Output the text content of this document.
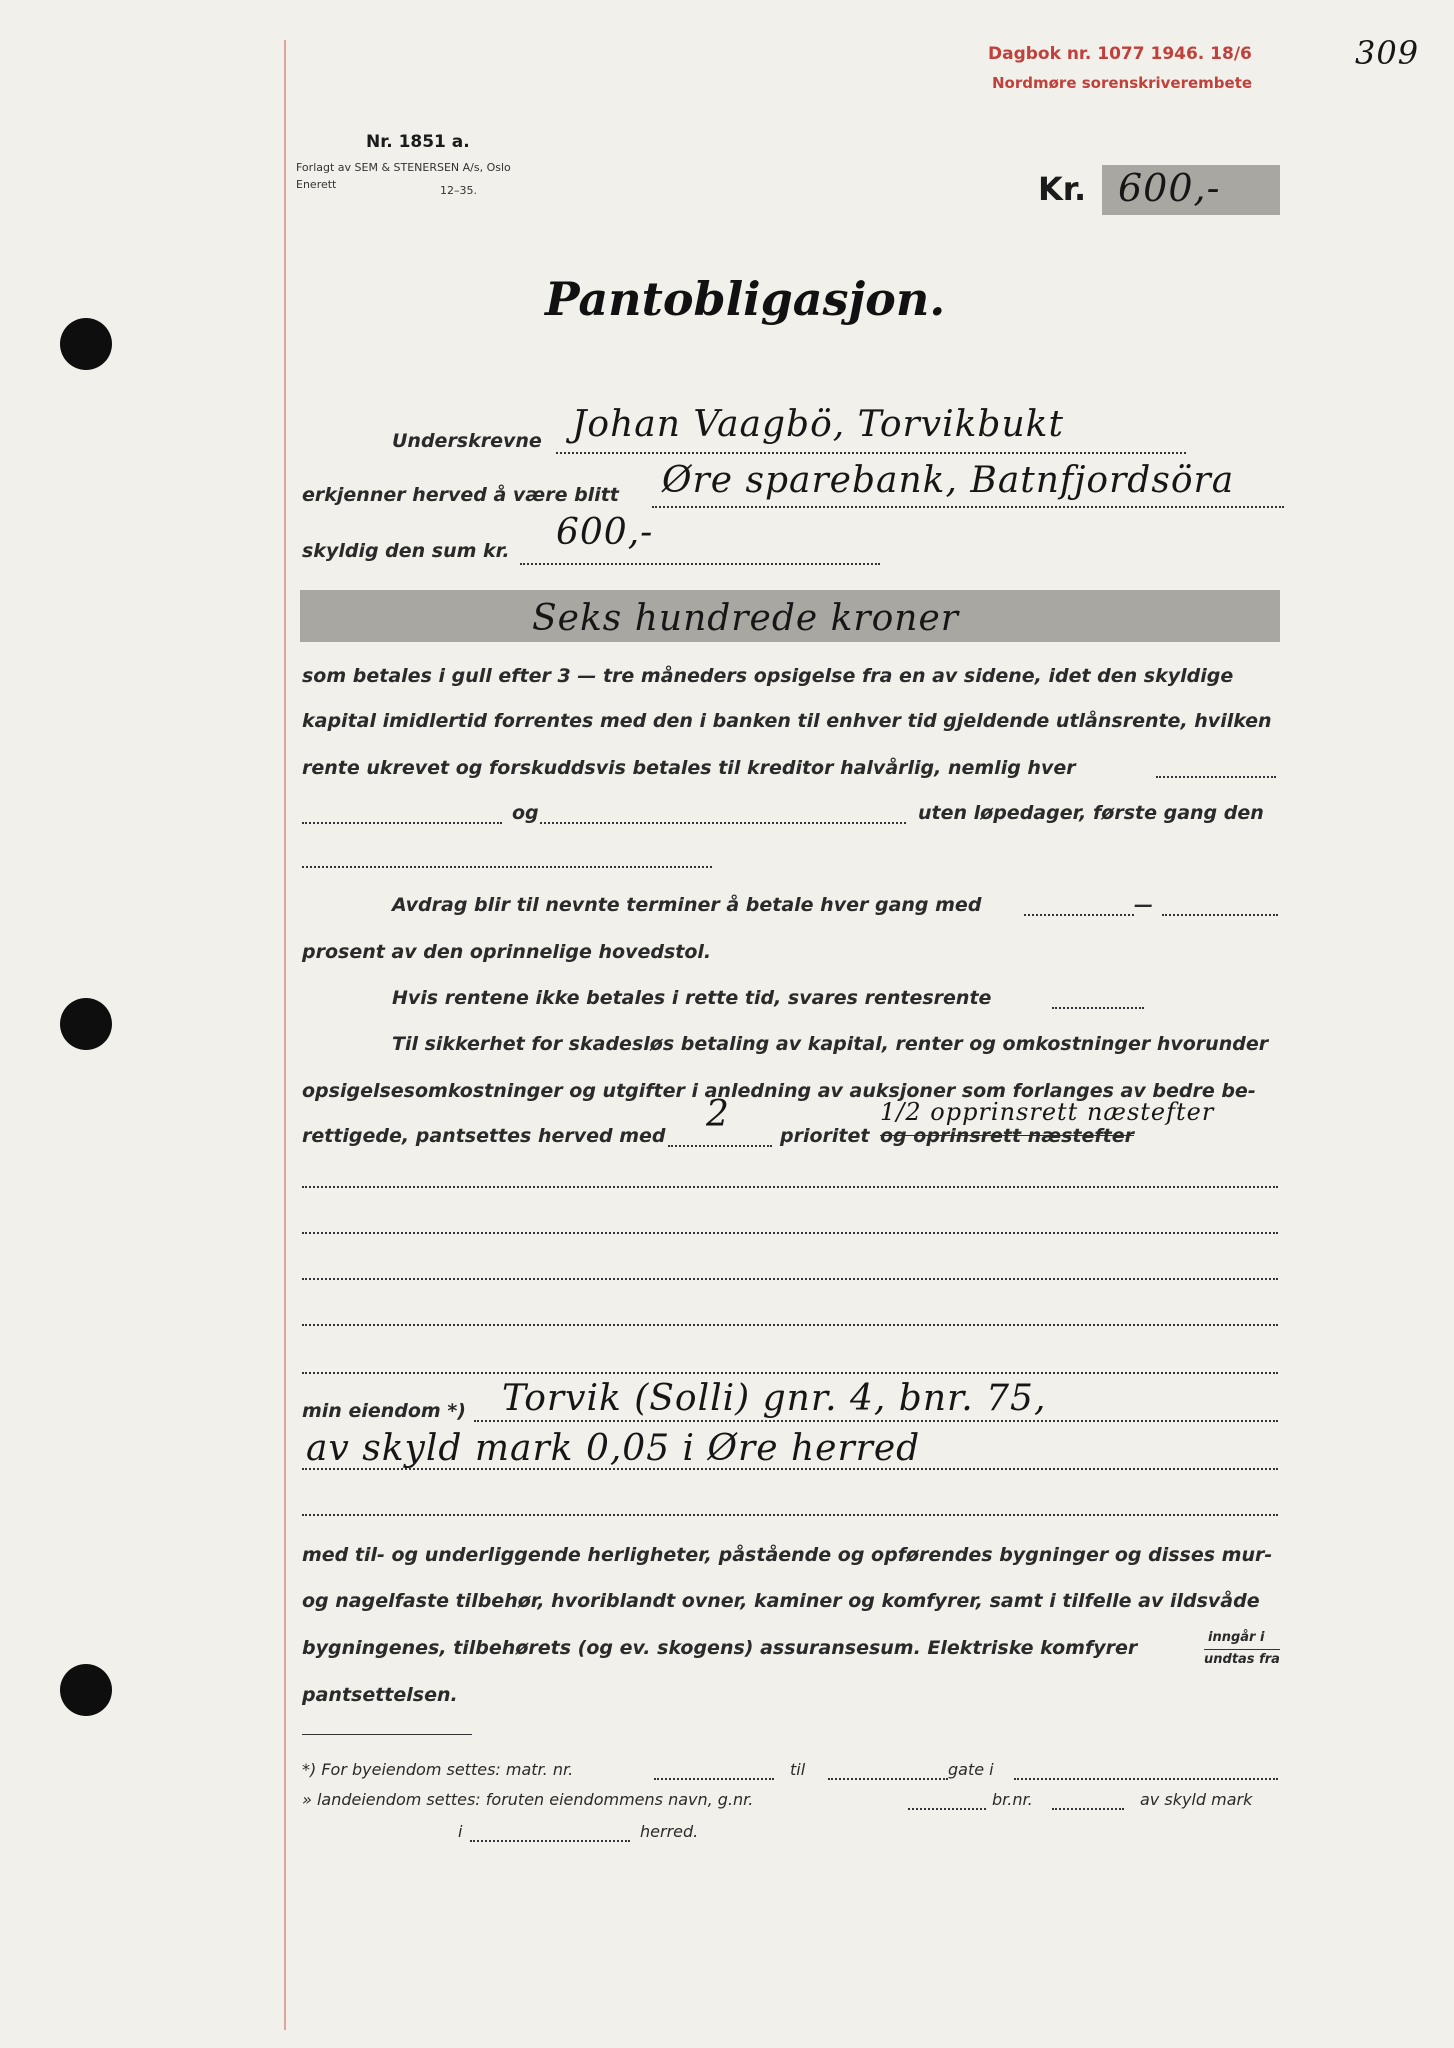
Dagbok nr. 1077 1946. 18/6
Nordmøre sorenskriverembete
309
Nr. 1851 a.
Forlagt av SEM & STENERSEN A/s, Oslo
Enerett	12–35.	Kr. 600,-
Pantobligasjon.
Underskrevne Johan Vaagbö, Torvikbukt
erkjenner herved å være blitt Øre sparebank, Batnfjordsöra
skyldig den sum kr. 600,-
Seks hundrede kroner
som betales i gull efter 3 — tre måneders opsigelse fra en av sidene, idet den skyldige
kapital imidlertid forrentes med den i banken til enhver tid gjeldende utlånsrente, hvilken
rente ukrevet og forskuddsvis betales til kreditor halvårlig, nemlig hver
og	uten løpedager, første gang den
Avdrag blir til nevnte terminer å betale hver gang med	—
prosent av den oprinnelige hovedstol.
Hvis rentene ikke betales i rette tid, svares rentesrente
Til sikkerhet for skadesløs betaling av kapital, renter og omkostninger hvorunder
opsigelsesomkostninger og utgifter i anledning av auksjoner som forlanges av bedre be-
rettigede, pantsettes herved med
2
prioritet og oprinsrett næstefter
1/2 opprinsrett næstefter
min eiendom *) Torvik (Solli) gnr. 4, bnr. 75,
av skyld mark 0,05 i Øre herred
med til- og underliggende herligheter, påstående og opførendes bygninger og disses mur-
og nagelfaste tilbehør, hvoriblandt ovner, kaminer og komfyrer, samt i tilfelle av ildsvåde
bygningenes, tilbehørets (og ev. skogens) assuransesum. Elektriske komfyrer	inngår i
undtas fra
pantsettelsen.
*) For byeiendom settes: matr. nr.	til	gate i
» landeiendom settes: foruten eiendommens navn, g.nr.	br.nr.	av skyld mark
i	herred.
